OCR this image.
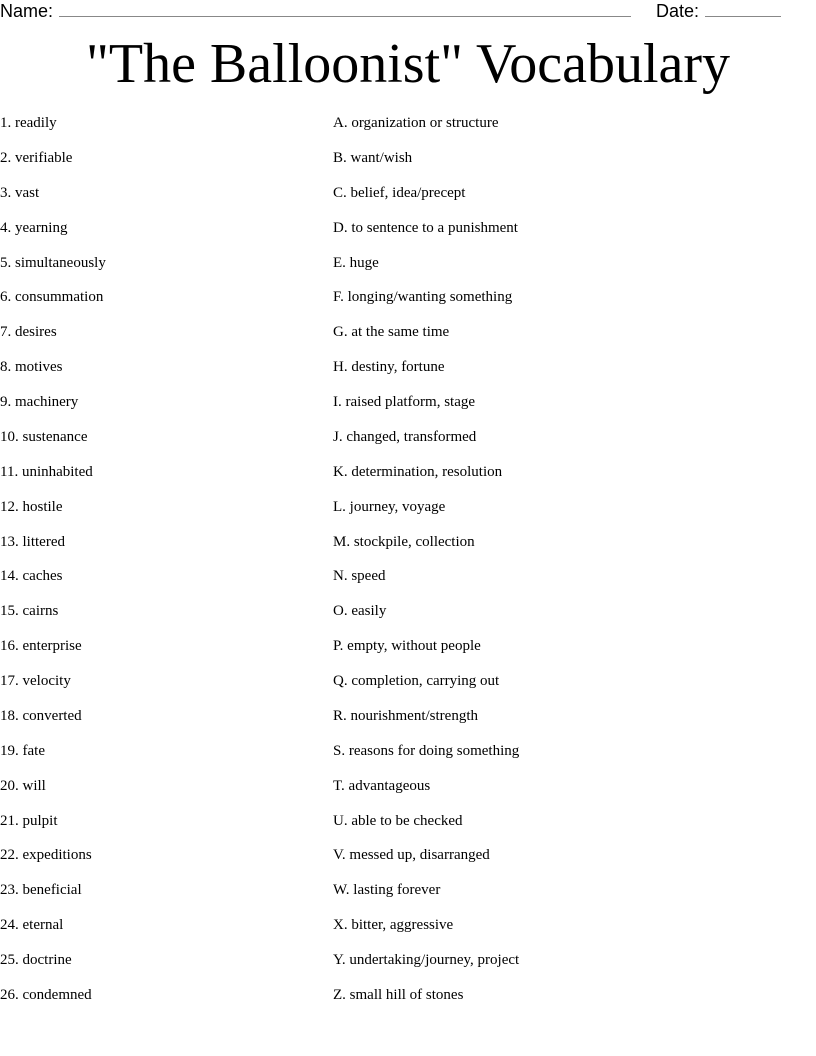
Name:	Date:
"The Balloonist" Vocabulary
1. readily	A. organization or structure
2. verifiable	B. want/wish
3. vast	C. belief, idea/precept
4. yearning	D. to sentence to a punishment
5. simultaneously	E. huge
6. consummation	F. longing/wanting something
7. desires	G. at the same time
8. motives	H. destiny, fortune
9. machinery	I. raised platform, stage
10. sustenance	J. changed, transformed
11. uninhabited	K. determination, resolution
12. hostile	L. journey, voyage
13. littered	M. stockpile, collection
14. caches	N. speed
15. cairns	O. easily
16. enterprise	P. empty, without people
17. velocity	Q. completion, carrying out
18. converted	R. nourishment/strength
19. fate	S. reasons for doing something
20. will	T. advantageous
21. pulpit	U. able to be checked
22. expeditions	V. messed up, disarranged
23. beneficial	W. lasting forever
24. eternal	X. bitter, aggressive
25. doctrine	Y. undertaking/journey, project
26. condemned	Z. small hill of stones
